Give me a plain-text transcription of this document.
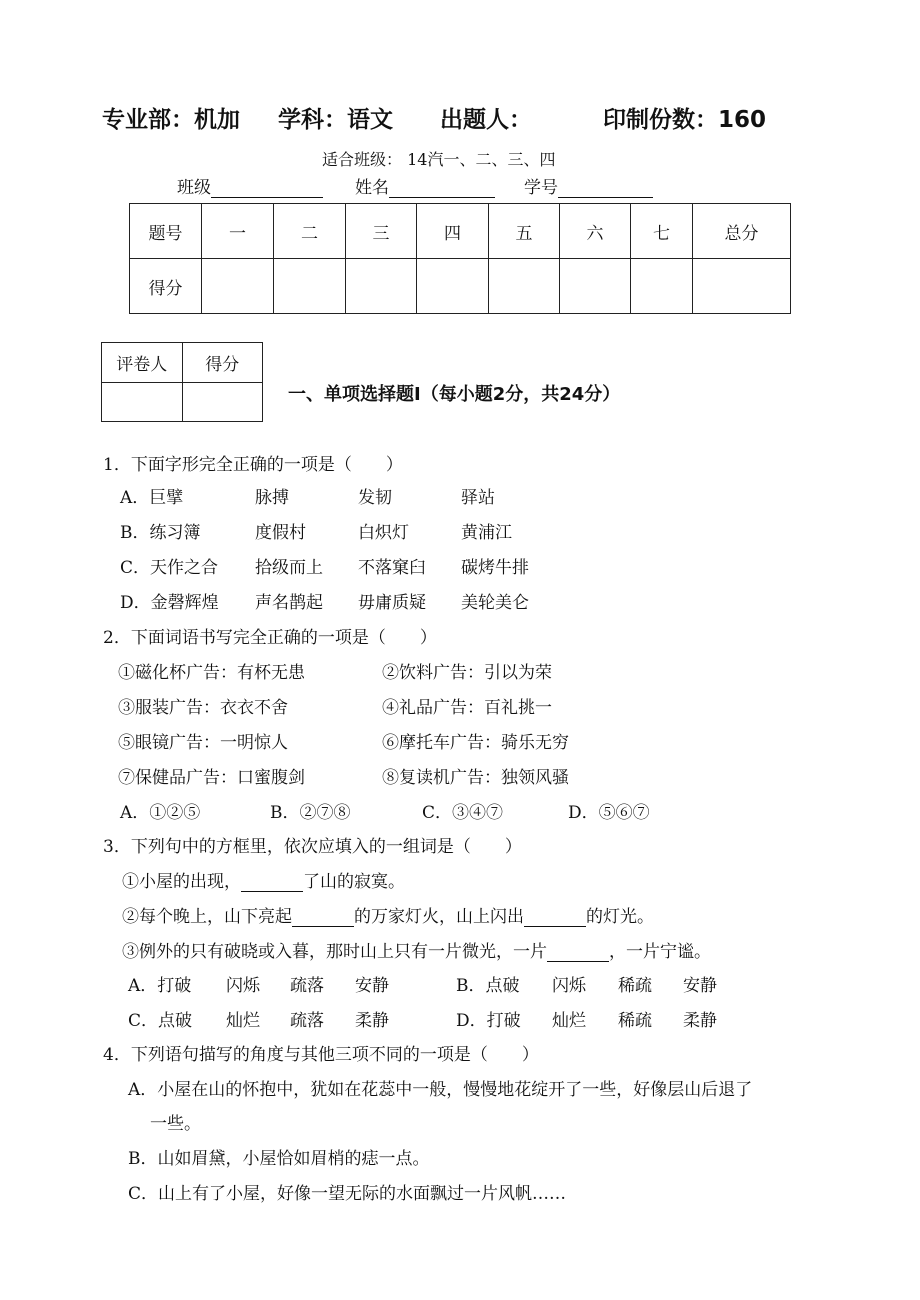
专业部：机加 学科：语文 出题人：	印制份数：160
适合班级： 14汽一、二、三、四
班级	姓名	学号
题号	一	二	三	四	五	六	七	总分
得分								
评卷人	得分

一、单项选择题Ⅰ（每小题2分，共24分）
1．下面字形完全正确的一项是（　　）
A．巨擘	脉搏	发韧	驿站
B．练习簿	度假村	白炽灯	黄浦江
C．天作之合 拾级而上 不落窠臼 碳烤牛排
D．金磬辉煌 声名鹊起 毋庸质疑 美轮美仑
2．下面词语书写完全正确的一项是（　　）
①磁化杯广告：有杯无患	②饮料广告：引以为荣
③服装广告：衣衣不舍	④礼品广告：百礼挑一
⑤眼镜广告：一明惊人	⑥摩托车广告：骑乐无穷
⑦保健品广告：口蜜腹剑	⑧复读机广告：独领风骚
A．①②⑤	B．②⑦⑧	C．③④⑦	D．⑤⑥⑦
3．下列句中的方框里，依次应填入的一组词是（　　）
①小屋的出现，	了山的寂寞。
②每个晚上，山下亮起	的万家灯火，山上闪出	的灯光。
③例外的只有破晓或入暮，那时山上只有一片微光，一片	，一片宁谧。
A．打破 闪烁 疏落 安静	B．点破 闪烁 稀疏 安静
C．点破 灿烂 疏落 柔静	D．打破 灿烂 稀疏 柔静
4．下列语句描写的角度与其他三项不同的一项是（　　）
A．小屋在山的怀抱中，犹如在花蕊中一般，慢慢地花绽开了一些，好像层山后退了
一些。
B．山如眉黛，小屋恰如眉梢的痣一点。
C．山上有了小屋，好像一望无际的水面飘过一片风帆……
